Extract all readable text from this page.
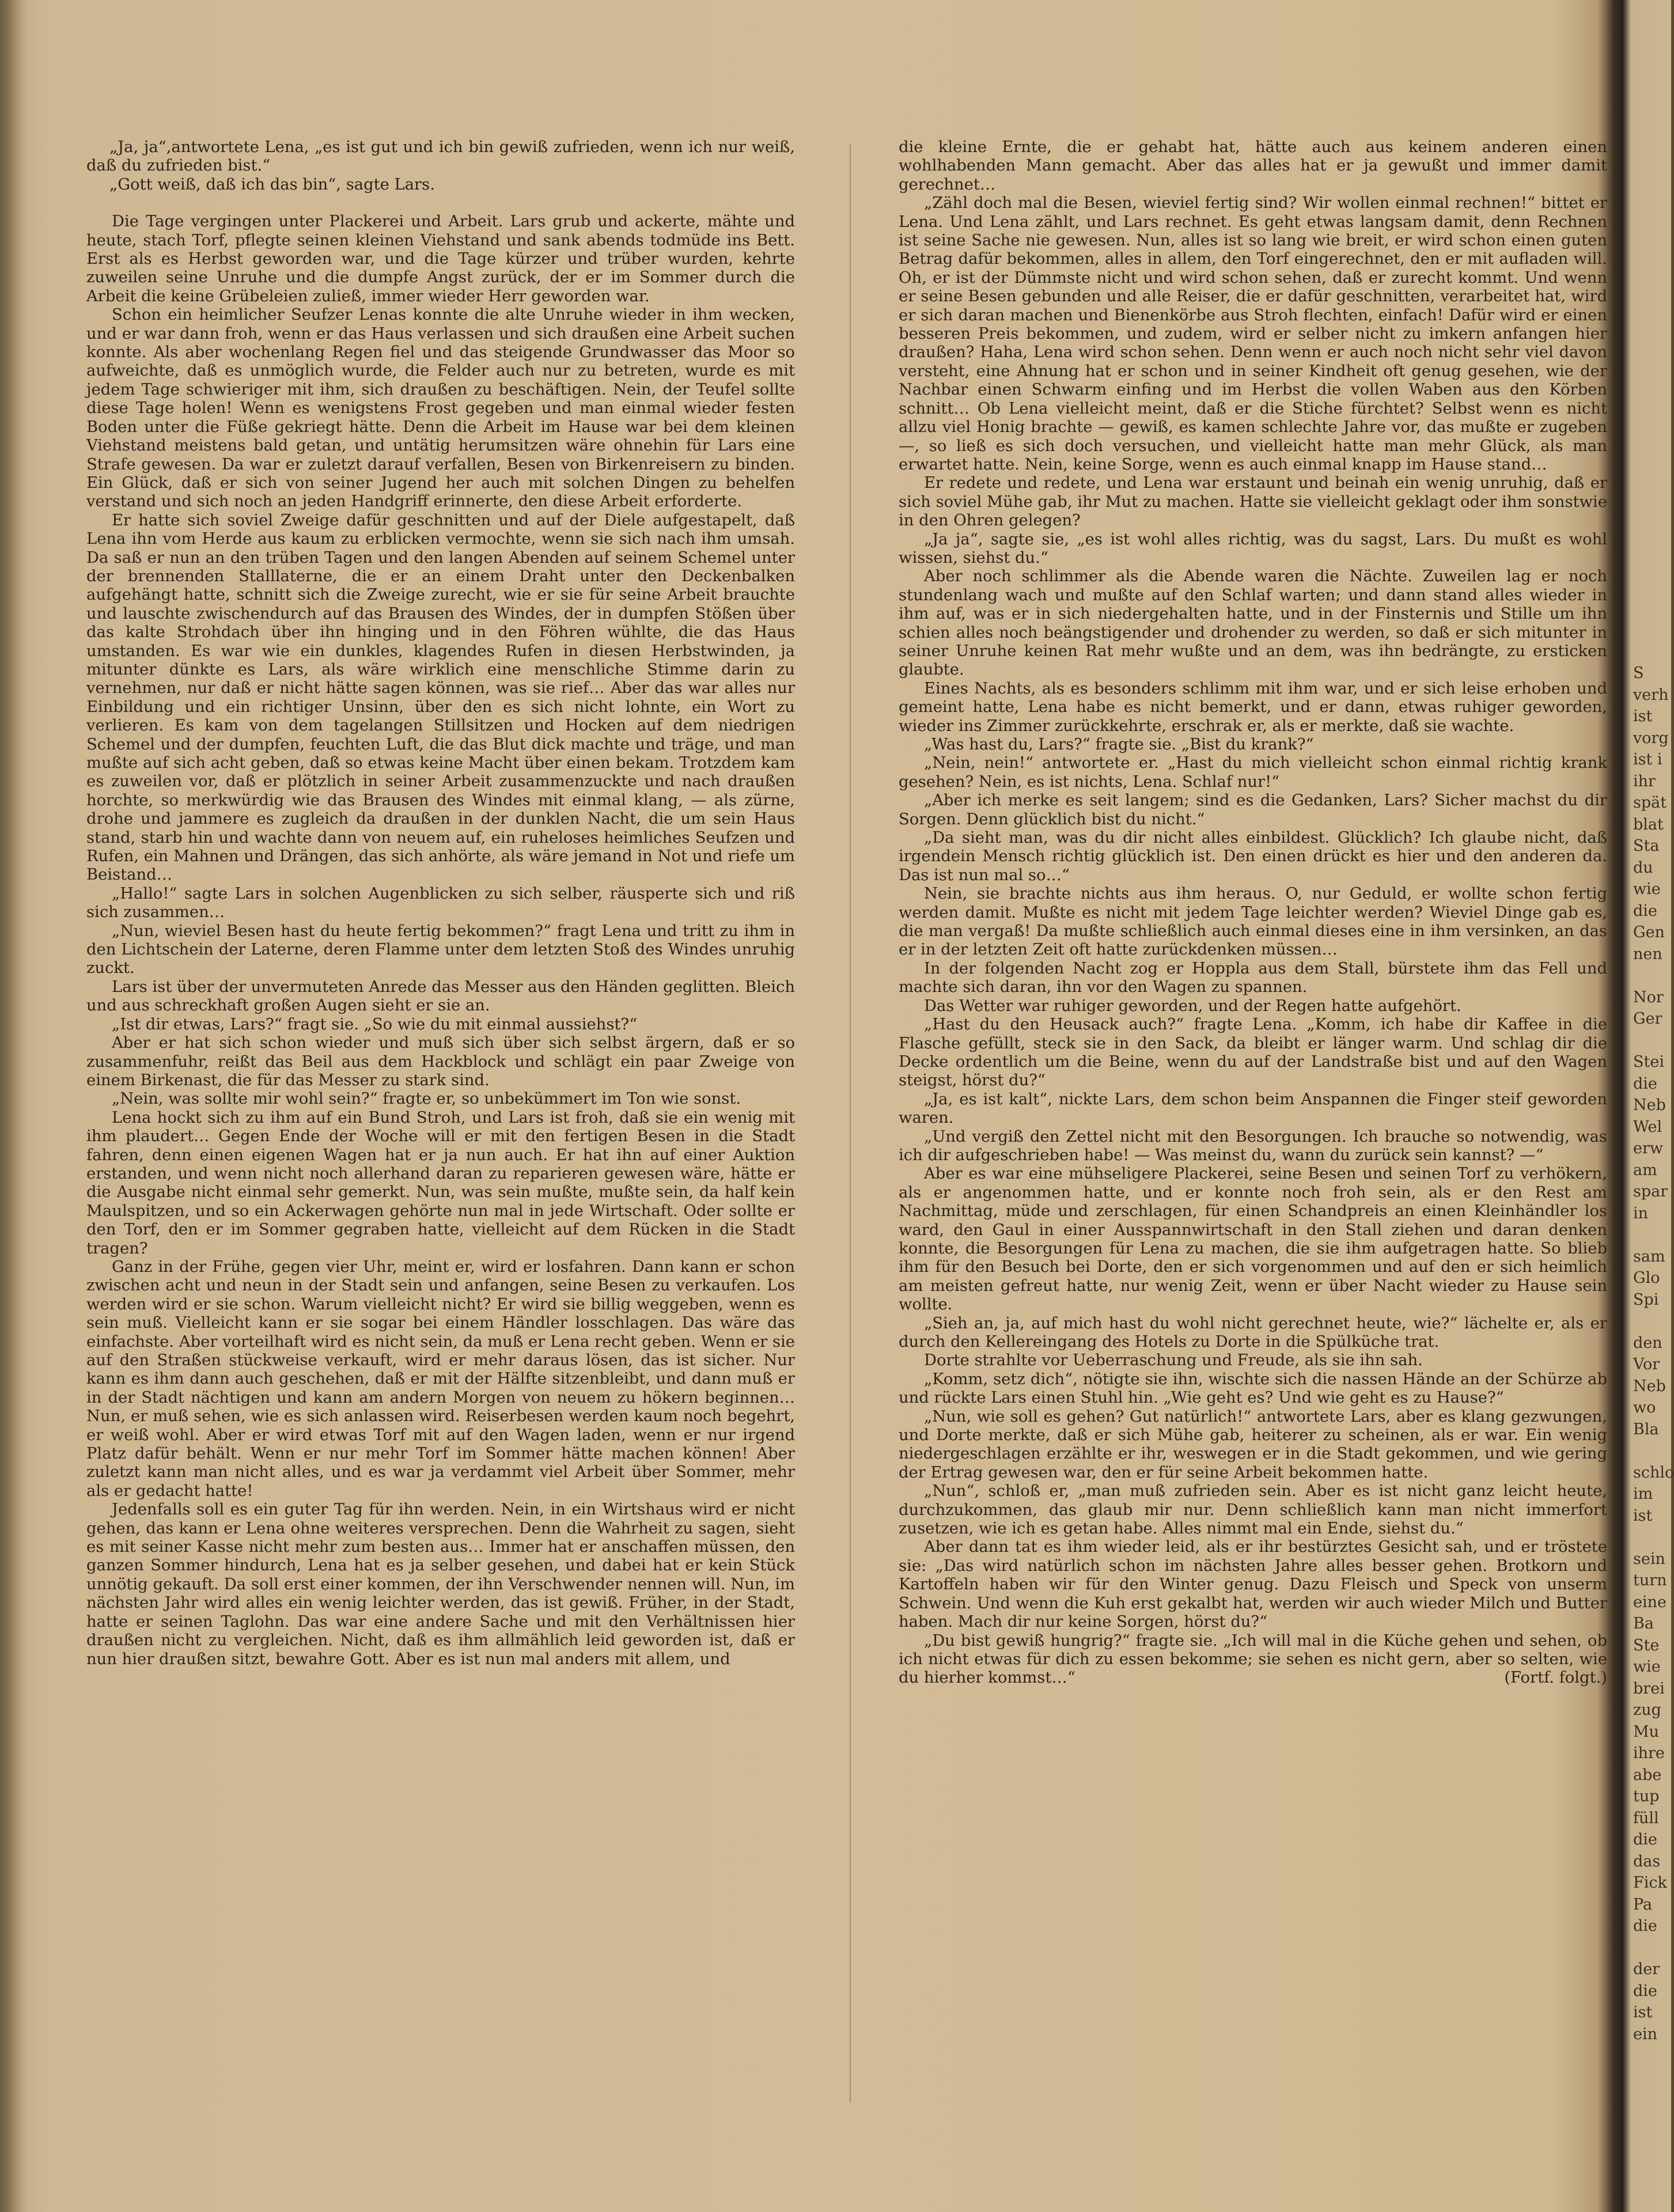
„Ja, ja“,antwortete Lena, „es ist gut und ich bin gewiß zufrieden, wenn ich nur weiß, daß du zufrieden bist.“

„Gott weiß, daß ich das bin“, sagte Lars.

Die Tage vergingen unter Plackerei und Arbeit. Lars grub und ackerte, mähte und heute, stach Torf, pflegte seinen kleinen Viehstand und sank abends todmüde ins Bett. Erst als es Herbst geworden war, und die Tage kürzer und trüber wurden, kehrte zuweilen seine Unruhe und die dumpfe Angst zurück, der er im Sommer durch die Arbeit die keine Grübeleien zuließ, immer wieder Herr geworden war.

Schon ein heimlicher Seufzer Lenas konnte die alte Unruhe wieder in ihm wecken, und er war dann froh, wenn er das Haus verlassen und sich draußen eine Arbeit suchen konnte. Als aber wochenlang Regen fiel und das steigende Grundwasser das Moor so aufweichte, daß es unmöglich wurde, die Felder auch nur zu betreten, wurde es mit jedem Tage schwieriger mit ihm, sich draußen zu beschäftigen. Nein, der Teufel sollte diese Tage holen! Wenn es wenigstens Frost gegeben und man einmal wieder festen Boden unter die Füße gekriegt hätte. Denn die Arbeit im Hause war bei dem kleinen Viehstand meistens bald getan, und untätig herumsitzen wäre ohnehin für Lars eine Strafe gewesen. Da war er zuletzt darauf verfallen, Besen von Birkenreisern zu binden. Ein Glück, daß er sich von seiner Jugend her auch mit solchen Dingen zu behelfen verstand und sich noch an jeden Handgriff erinnerte, den diese Arbeit erforderte.

Er hatte sich soviel Zweige dafür geschnitten und auf der Diele aufgestapelt, daß Lena ihn vom Herde aus kaum zu erblicken vermochte, wenn sie sich nach ihm umsah. Da saß er nun an den trüben Tagen und den langen Abenden auf seinem Schemel unter der brennenden Stalllaterne, die er an einem Draht unter den Deckenbalken aufgehängt hatte, schnitt sich die Zweige zurecht, wie er sie für seine Arbeit brauchte und lauschte zwischendurch auf das Brausen des Windes, der in dumpfen Stößen über das kalte Strohdach über ihn hinging und in den Föhren wühlte, die das Haus umstanden. Es war wie ein dunkles, klagendes Rufen in diesen Herbstwinden, ja mitunter dünkte es Lars, als wäre wirklich eine menschliche Stimme darin zu vernehmen, nur daß er nicht hätte sagen können, was sie rief… Aber das war alles nur Einbildung und ein richtiger Unsinn, über den es sich nicht lohnte, ein Wort zu verlieren. Es kam von dem tagelangen Stillsitzen und Hocken auf dem niedrigen Schemel und der dumpfen, feuchten Luft, die das Blut dick machte und träge, und man mußte auf sich acht geben, daß so etwas keine Macht über einen bekam. Trotzdem kam es zuweilen vor, daß er plötzlich in seiner Arbeit zusammenzuckte und nach draußen horchte, so merkwürdig wie das Brausen des Windes mit einmal klang, — als zürne, drohe und jammere es zugleich da draußen in der dunklen Nacht, die um sein Haus stand, starb hin und wachte dann von neuem auf, ein ruheloses heimliches Seufzen und Rufen, ein Mahnen und Drängen, das sich anhörte, als wäre jemand in Not und riefe um Beistand…

„Hallo!“ sagte Lars in solchen Augenblicken zu sich selber, räusperte sich und riß sich zusammen…

„Nun, wieviel Besen hast du heute fertig bekommen?“ fragt Lena und tritt zu ihm in den Lichtschein der Laterne, deren Flamme unter dem letzten Stoß des Windes unruhig zuckt.

Lars ist über der unvermuteten Anrede das Messer aus den Händen geglitten. Bleich und aus schreckhaft großen Augen sieht er sie an.

„Ist dir etwas, Lars?“ fragt sie. „So wie du mit einmal aussiehst?“

Aber er hat sich schon wieder und muß sich über sich selbst ärgern, daß er so zusammenfuhr, reißt das Beil aus dem Hackblock und schlägt ein paar Zweige von einem Birkenast, die für das Messer zu stark sind.

„Nein, was sollte mir wohl sein?“ fragte er, so unbekümmert im Ton wie sonst.

Lena hockt sich zu ihm auf ein Bund Stroh, und Lars ist froh, daß sie ein wenig mit ihm plaudert… Gegen Ende der Woche will er mit den fertigen Besen in die Stadt fahren, denn einen eigenen Wagen hat er ja nun auch. Er hat ihn auf einer Auktion erstanden, und wenn nicht noch allerhand daran zu reparieren gewesen wäre, hätte er die Ausgabe nicht einmal sehr gemerkt. Nun, was sein mußte, mußte sein, da half kein Maulspitzen, und so ein Ackerwagen gehörte nun mal in jede Wirtschaft. Oder sollte er den Torf, den er im Sommer gegraben hatte, vielleicht auf dem Rücken in die Stadt tragen?

Ganz in der Frühe, gegen vier Uhr, meint er, wird er losfahren. Dann kann er schon zwischen acht und neun in der Stadt sein und anfangen, seine Besen zu verkaufen. Los werden wird er sie schon. Warum vielleicht nicht? Er wird sie billig weggeben, wenn es sein muß. Vielleicht kann er sie sogar bei einem Händler losschlagen. Das wäre das einfachste. Aber vorteilhaft wird es nicht sein, da muß er Lena recht geben. Wenn er sie auf den Straßen stückweise verkauft, wird er mehr daraus lösen, das ist sicher. Nur kann es ihm dann auch geschehen, daß er mit der Hälfte sitzenbleibt, und dann muß er in der Stadt nächtigen und kann am andern Morgen von neuem zu hökern beginnen… Nun, er muß sehen, wie es sich anlassen wird. Reiserbesen werden kaum noch begehrt, er weiß wohl. Aber er wird etwas Torf mit auf den Wagen laden, wenn er nur irgend Platz dafür behält. Wenn er nur mehr Torf im Sommer hätte machen können! Aber zuletzt kann man nicht alles, und es war ja verdammt viel Arbeit über Sommer, mehr als er gedacht hatte!

Jedenfalls soll es ein guter Tag für ihn werden. Nein, in ein Wirtshaus wird er nicht gehen, das kann er Lena ohne weiteres versprechen. Denn die Wahrheit zu sagen, sieht es mit seiner Kasse nicht mehr zum besten aus… Immer hat er anschaffen müssen, den ganzen Sommer hindurch, Lena hat es ja selber gesehen, und dabei hat er kein Stück unnötig gekauft. Da soll erst einer kommen, der ihn Verschwender nennen will. Nun, im nächsten Jahr wird alles ein wenig leichter werden, das ist gewiß. Früher, in der Stadt, hatte er seinen Taglohn. Das war eine andere Sache und mit den Verhältnissen hier draußen nicht zu vergleichen. Nicht, daß es ihm allmählich leid geworden ist, daß er nun hier draußen sitzt, bewahre Gott. Aber es ist nun mal anders mit allem, und

die kleine Ernte, die er gehabt hat, hätte auch aus keinem anderen einen wohlhabenden Mann gemacht. Aber das alles hat er ja gewußt und immer damit gerechnet…

„Zähl doch mal die Besen, wieviel fertig sind? Wir wollen einmal rechnen!“ bittet er Lena. Und Lena zählt, und Lars rechnet. Es geht etwas langsam damit, denn Rechnen ist seine Sache nie gewesen. Nun, alles ist so lang wie breit, er wird schon einen guten Betrag dafür bekommen, alles in allem, den Torf eingerechnet, den er mit aufladen will. Oh, er ist der Dümmste nicht und wird schon sehen, daß er zurecht kommt. Und wenn er seine Besen gebunden und alle Reiser, die er dafür geschnitten, verarbeitet hat, wird er sich daran machen und Bienenkörbe aus Stroh flechten, einfach! Dafür wird er einen besseren Preis bekommen, und zudem, wird er selber nicht zu imkern anfangen hier draußen? Haha, Lena wird schon sehen. Denn wenn er auch noch nicht sehr viel davon versteht, eine Ahnung hat er schon und in seiner Kindheit oft genug gesehen, wie der Nachbar einen Schwarm einfing und im Herbst die vollen Waben aus den Körben schnitt… Ob Lena vielleicht meint, daß er die Stiche fürchtet? Selbst wenn es nicht allzu viel Honig brachte — gewiß, es kamen schlechte Jahre vor, das mußte er zugeben —, so ließ es sich doch versuchen, und vielleicht hatte man mehr Glück, als man erwartet hatte. Nein, keine Sorge, wenn es auch einmal knapp im Hause stand…

Er redete und redete, und Lena war erstaunt und beinah ein wenig unruhig, daß er sich soviel Mühe gab, ihr Mut zu machen. Hatte sie vielleicht geklagt oder ihm sonstwie in den Ohren gelegen?

„Ja ja“, sagte sie, „es ist wohl alles richtig, was du sagst, Lars. Du mußt es wohl wissen, siehst du.“

Aber noch schlimmer als die Abende waren die Nächte. Zuweilen lag er noch stundenlang wach und mußte auf den Schlaf warten; und dann stand alles wieder in ihm auf, was er in sich niedergehalten hatte, und in der Finsternis und Stille um ihn schien alles noch beängstigender und drohender zu werden, so daß er sich mitunter in seiner Unruhe keinen Rat mehr wußte und an dem, was ihn bedrängte, zu ersticken glaubte.

Eines Nachts, als es besonders schlimm mit ihm war, und er sich leise erhoben und gemeint hatte, Lena habe es nicht bemerkt, und er dann, etwas ruhiger geworden, wieder ins Zimmer zurückkehrte, erschrak er, als er merkte, daß sie wachte.

„Was hast du, Lars?“ fragte sie. „Bist du krank?“

„Nein, nein!“ antwortete er. „Hast du mich vielleicht schon einmal richtig krank gesehen? Nein, es ist nichts, Lena. Schlaf nur!“

„Aber ich merke es seit langem; sind es die Gedanken, Lars? Sicher machst du dir Sorgen. Denn glücklich bist du nicht.“

„Da sieht man, was du dir nicht alles einbildest. Glücklich? Ich glaube nicht, daß irgendein Mensch richtig glücklich ist. Den einen drückt es hier und den anderen da. Das ist nun mal so…“

Nein, sie brachte nichts aus ihm heraus. O, nur Geduld, er wollte schon fertig werden damit. Mußte es nicht mit jedem Tage leichter werden? Wieviel Dinge gab es, die man vergaß! Da mußte schließlich auch einmal dieses eine in ihm versinken, an das er in der letzten Zeit oft hatte zurückdenken müssen…

In der folgenden Nacht zog er Hoppla aus dem Stall, bürstete ihm das Fell und machte sich daran, ihn vor den Wagen zu spannen.

Das Wetter war ruhiger geworden, und der Regen hatte aufgehört.

„Hast du den Heusack auch?“ fragte Lena. „Komm, ich habe dir Kaffee in die Flasche gefüllt, steck sie in den Sack, da bleibt er länger warm. Und schlag dir die Decke ordentlich um die Beine, wenn du auf der Landstraße bist und auf den Wagen steigst, hörst du?“

„Ja, es ist kalt“, nickte Lars, dem schon beim Anspannen die Finger steif geworden waren.

„Und vergiß den Zettel nicht mit den Besorgungen. Ich brauche so notwendig, was ich dir aufgeschrieben habe! — Was meinst du, wann du zurück sein kannst? —“

Aber es war eine mühseligere Plackerei, seine Besen und seinen Torf zu verhökern, als er angenommen hatte, und er konnte noch froh sein, als er den Rest am Nachmittag, müde und zerschlagen, für einen Schandpreis an einen Kleinhändler los ward, den Gaul in einer Ausspannwirtschaft in den Stall ziehen und daran denken konnte, die Besorgungen für Lena zu machen, die sie ihm aufgetragen hatte. So blieb ihm für den Besuch bei Dorte, den er sich vorgenommen und auf den er sich heimlich am meisten gefreut hatte, nur wenig Zeit, wenn er über Nacht wieder zu Hause sein wollte.

„Sieh an, ja, auf mich hast du wohl nicht gerechnet heute, wie?“ lächelte er, als er durch den Kellereingang des Hotels zu Dorte in die Spülküche trat.

Dorte strahlte vor Ueberraschung und Freude, als sie ihn sah.

„Komm, setz dich“, nötigte sie ihn, wischte sich die nassen Hände an der Schürze ab und rückte Lars einen Stuhl hin. „Wie geht es? Und wie geht es zu Hause?“

„Nun, wie soll es gehen? Gut natürlich!“ antwortete Lars, aber es klang gezwungen, und Dorte merkte, daß er sich Mühe gab, heiterer zu scheinen, als er war. Ein wenig niedergeschlagen erzählte er ihr, weswegen er in die Stadt gekommen, und wie gering der Ertrag gewesen war, den er für seine Arbeit bekommen hatte.

„Nun“, schloß er, „man muß zufrieden sein. Aber es ist nicht ganz leicht heute, durchzukommen, das glaub mir nur. Denn schließlich kann man nicht immerfort zusetzen, wie ich es getan habe. Alles nimmt mal ein Ende, siehst du.“

Aber dann tat es ihm wieder leid, als er ihr bestürztes Gesicht sah, und er tröstete sie: „Das wird natürlich schon im nächsten Jahre alles besser gehen. Brotkorn und Kartoffeln haben wir für den Winter genug. Dazu Fleisch und Speck von unserm Schwein. Und wenn die Kuh erst gekalbt hat, werden wir auch wieder Milch und Butter haben. Mach dir nur keine Sorgen, hörst du?“

„Du bist gewiß hungrig?“ fragte sie. „Ich will mal in die Küche gehen und sehen, ob ich nicht etwas für dich zu essen bekomme; sie sehen es nicht gern, aber so selten, wie du hierher kommst…“	(Fortf. folgt.)

S
verh
ist
vorg
ist i
ihr
spät
blat
Sta
du
wie
die
Gen
nen
Nor
Ger
Stei
die
Neb
Wel
erw
am
spar
in
sam
Glo
Spi
den
Vor
Neb
wo
Bla
schlo
im
ist
sein
turn
eine
Ba
Ste
wie
brei
zug
Mu
ihre
abe
tup
füll
die
das
Fick
Pa
die
der
die
ist
ein
